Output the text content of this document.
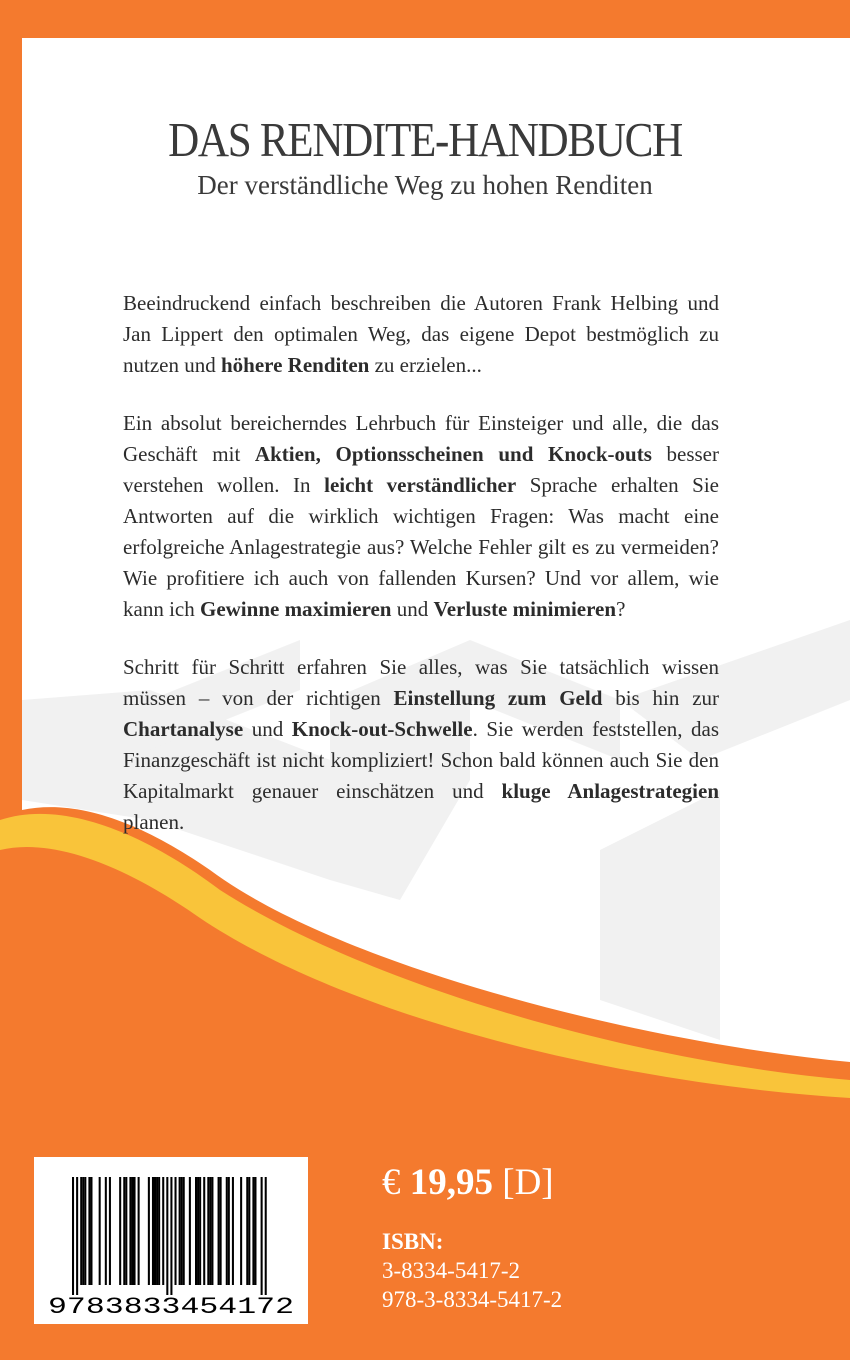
DAS RENDITE-HANDBUCH
Der verständliche Weg zu hohen Renditen

Beeindruckend einfach beschreiben die Autoren Frank Helbing und Jan Lippert den optimalen Weg, das eigene Depot bestmöglich zu nutzen und höhere Renditen zu erzielen...

Ein absolut bereicherndes Lehrbuch für Einsteiger und alle, die das Geschäft mit Aktien, Optionsscheinen und Knock-outs besser verstehen wollen. In leicht verständlicher Sprache erhalten Sie Antworten auf die wirklich wichtigen Fragen: Was macht eine erfolgreiche Anlagestrategie aus? Welche Fehler gilt es zu vermeiden? Wie profitiere ich auch von fallenden Kursen? Und vor allem, wie kann ich Gewinne maximieren und Verluste minimieren?

Schritt für Schritt erfahren Sie alles, was Sie tatsächlich wissen müssen – von der richtigen Einstellung zum Geld bis hin zur Chartanalyse und Knock-out-Schwelle. Sie werden feststellen, das Finanzgeschäft ist nicht kompliziert! Schon bald können auch Sie den Kapitalmarkt genauer einschätzen und kluge Anlagestrategien planen.

9783833454172
€ 19,95 [D]
ISBN:
3-8334-5417-2
978-3-8334-5417-2
